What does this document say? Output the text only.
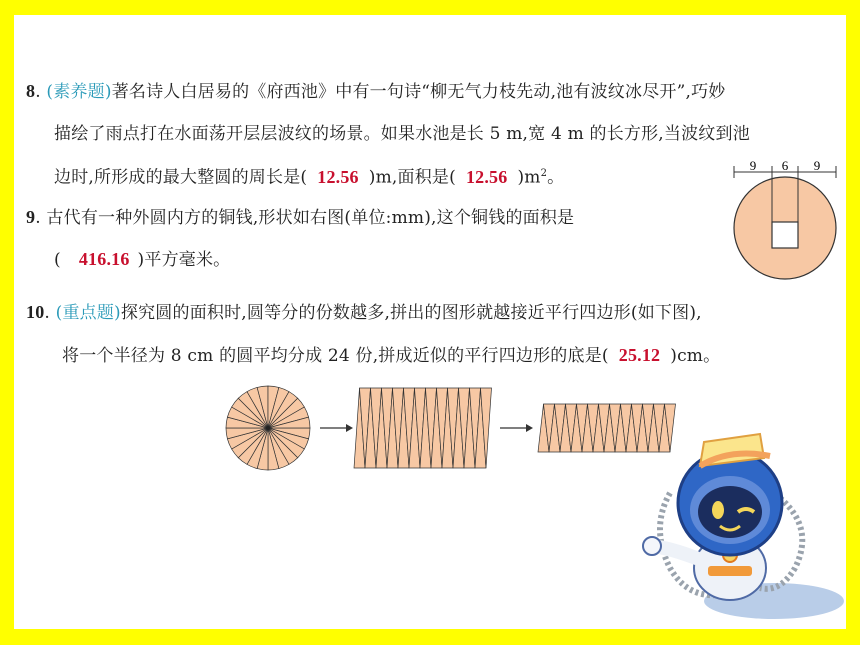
8. (素养题)著名诗人白居易的《府西池》中有一句诗“柳无气力枝先动,池有波纹冰尽开”,巧妙
描绘了雨点打在水面荡开层层波纹的场景。如果水池是长 5 m,宽 4 m 的长方形,当波纹到池
边时,所形成的最大整圆的周长是( 12.56 )m,面积是( 12.56 )$m^2$。
9. 古代有一种外圆内方的铜钱,形状如右图(单位:mm),这个铜钱的面积是
( 416.16 )平方毫米。
9 6 9
10. (重点题)探究圆的面积时,圆等分的份数越多,拼出的图形就越接近平行四边形(如下图),
将一个半径为 8 cm 的圆平均分成 24 份,拼成近似的平行四边形的底是( 25.12 )cm。
